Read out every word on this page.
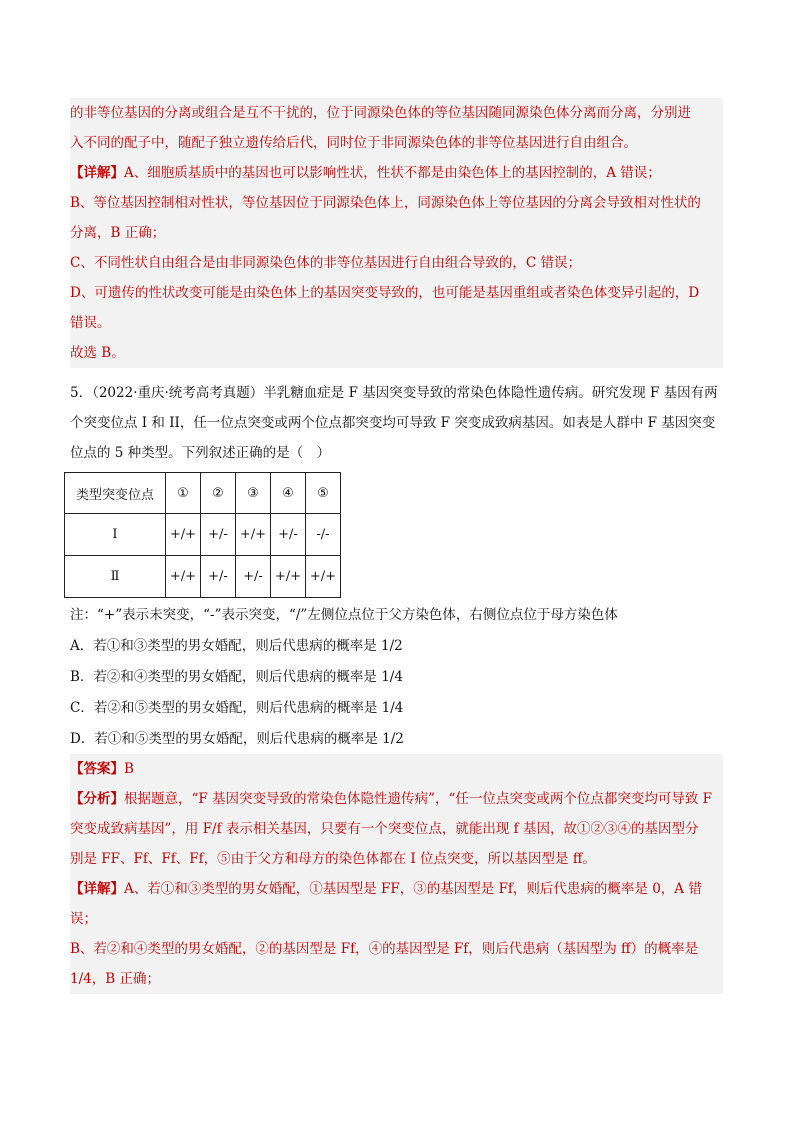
的非等位基因的分离或组合是互不干扰的，位于同源染色体的等位基因随同源染色体分离而分离，分别进
入不同的配子中，随配子独立遗传给后代，同时位于非同源染色体的非等位基因进行自由组合。
【详解】A、细胞质基质中的基因也可以影响性状，性状不都是由染色体上的基因控制的，A 错误；
B、等位基因控制相对性状，等位基因位于同源染色体上，同源染色体上等位基因的分离会导致相对性状的
分离，B 正确；
C、不同性状自由组合是由非同源染色体的非等位基因进行自由组合导致的，C 错误；
D、可遗传的性状改变可能是由染色体上的基因突变导致的，也可能是基因重组或者染色体变异引起的，D
错误。
故选 B。
5．（2022·重庆·统考高考真题）半乳糖血症是 F 基因突变导致的常染色体隐性遗传病。研究发现 F 基因有两
个突变位点 I 和 II，任一位点突变或两个位点都突变均可导致 F 突变成致病基因。如表是人群中 F 基因突变
位点的 5 种类型。下列叙述正确的是（　）
类型突变位点	①	②	③	④	⑤
I	+/+	+/-	+/+	+/-	-/-
Ⅱ	+/+	+/-	+/-	+/+	+/+
注：“+”表示未突变，“-”表示突变，“/”左侧位点位于父方染色体，右侧位点位于母方染色体
A．若①和③类型的男女婚配，则后代患病的概率是 1/2
B．若②和④类型的男女婚配，则后代患病的概率是 1/4
C．若②和⑤类型的男女婚配，则后代患病的概率是 1/4
D．若①和⑤类型的男女婚配，则后代患病的概率是 1/2
【答案】B
【分析】根据题意，“F 基因突变导致的常染色体隐性遗传病”，“任一位点突变或两个位点都突变均可导致 F
突变成致病基因”，用 F/f 表示相关基因，只要有一个突变位点，就能出现 f 基因，故①②③④的基因型分
别是 FF、Ff、Ff、Ff，⑤由于父方和母方的染色体都在 I 位点突变，所以基因型是 ff。
【详解】A、若①和③类型的男女婚配，①基因型是 FF，③的基因型是 Ff，则后代患病的概率是 0，A 错
误；
B、若②和④类型的男女婚配，②的基因型是 Ff，④的基因型是 Ff，则后代患病（基因型为 ff）的概率是
1/4，B 正确；
